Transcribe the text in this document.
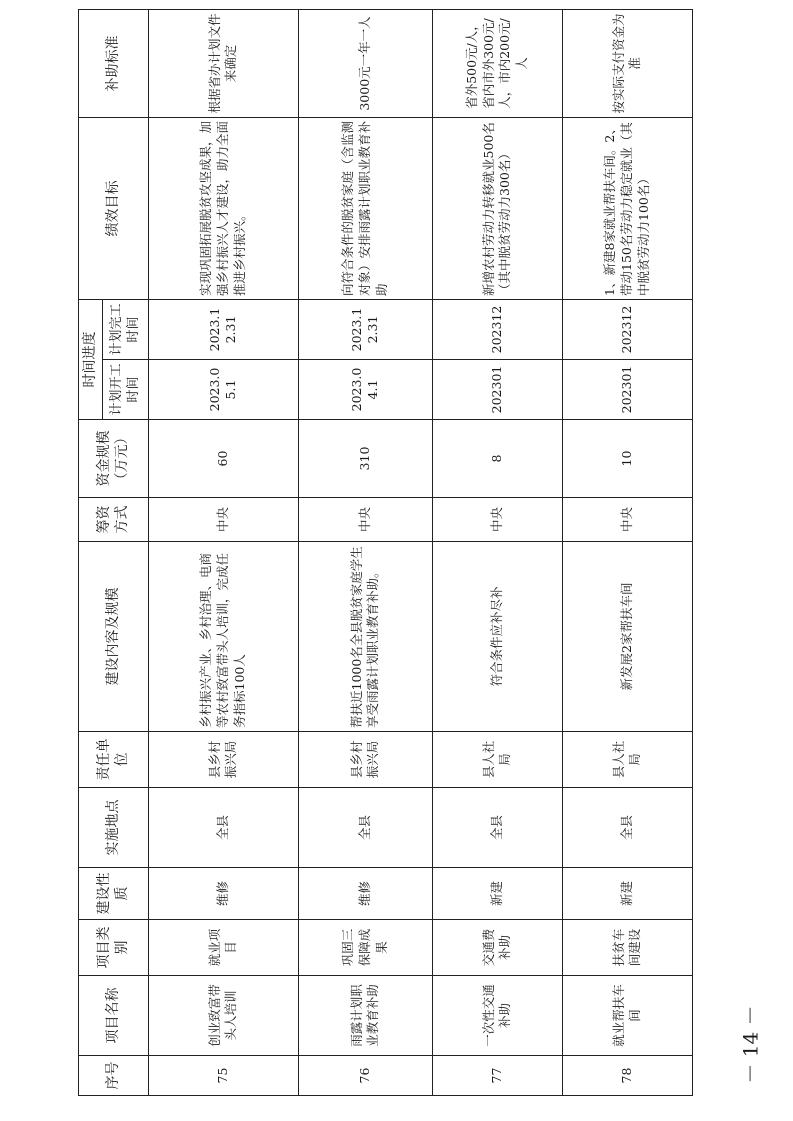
序号	项目名称	项目类别	建设性质	实施地点	责任单位	建设内容及规模	筹资方式	资金规模（万元）	时间进度		绩效目标	补助标准
									计划开工时间	计划完工时间		
75	创业致富带头人培训	就业项目	维修	全县	县乡村振兴局	乡村振兴产业、乡村治理、电商等农村致富带头人培训，完成任务指标100人	中央	60	2023.05.1	2023.12.31	实现巩固拓展脱贫攻坚成果，加强乡村振兴人才建设，助力全面推进乡村振兴。	根据省办计划文件来确定
76	雨露计划职业教育补助	巩固三保障成果	维修	全县	县乡村振兴局	帮扶近1000名全县脱贫家庭学生享受雨露计划职业教育补助。	中央	310	2023.04.1	2023.12.31	向符合条件的脱贫家庭（含监测对象）安排雨露计划职业教育补助	3000元一年一人
77	一次性交通补助	交通费补助	新建	全县	县人社局	符合条件应补尽补	中央	8	202301	202312	新增农村劳动力转移就业500名（其中脱贫劳动力300名）	省外500元/人，省内市外300元/人，市内200元/人
78	就业帮扶车间	扶贫车间建设	新建	全县	县人社局	新发展2家帮扶车间	中央	10	202301	202312	1、新建8家就业帮扶车间。2、带动150名劳动力稳定就业（其中脱贫劳动力100名）	按实际支付资金为准
－ 14 －
